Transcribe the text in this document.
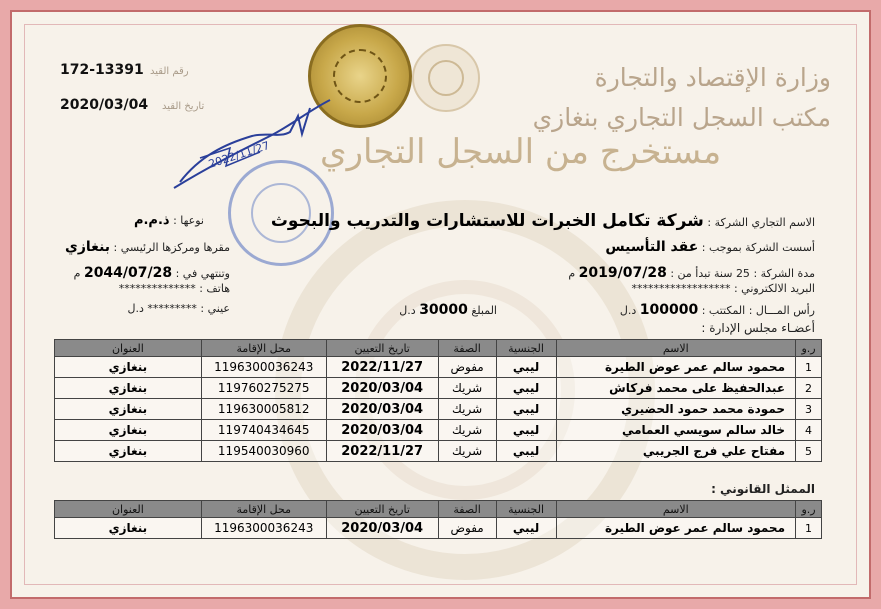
وزارة الإقتصاد والتجارة
مكتب السجل التجاري بنغازي
مستخرج من السجل التجاري
172-13391 رقم القيد
2020/03/04 تاريخ القيد
2022/11/27
الاسم التجاري الشركة : شركة تكامل الخبرات للاستشارات والتدريب والبحوث
نوعها : ذ.م.م
أسست الشركة بموجب : عقد التأسيس
مقرها ومركزها الرئيسي : بنغازي
مدة الشركة : 25 سنة تبدأ من : 2019/07/28 م
وتنتهي في : 2044/07/28 م
البريد الالكتروني : ******************
هاتف : **************
رأس المـــال : المكتتب : 100000 د.ل
المبلغ 30000 د.ل
عيني : ********* د.ل
أعضـاء مجلس الإدارة :
ر.و	الاسم	الجنسية	الصفة	تاريخ التعيين	محل الإقامة	العنوان
1	محمود سالم عمر عوض الطيرة	ليبي	مفوض	2022/11/27	1196300036243	بنغازي
2	عبدالحفيظ على محمد فركاش	ليبي	شريك	2020/03/04	119760275275	بنغازي
3	حمودة محمد حمود الحضيري	ليبي	شريك	2020/03/04	119630005812	بنغازي
4	خالد سالم سويسي العمامي	ليبي	شريك	2020/03/04	119740434645	بنغازي
5	مفتاح علي فرج الجريبي	ليبي	شريك	2022/11/27	119540030960	بنغازي
الممثل القانوني :
ر.و	الاسم	الجنسية	الصفة	تاريخ التعيين	محل الإقامة	العنوان
1	محمود سالم عمر عوض الطيرة	ليبي	مفوض	2020/03/04	1196300036243	بنغازي
